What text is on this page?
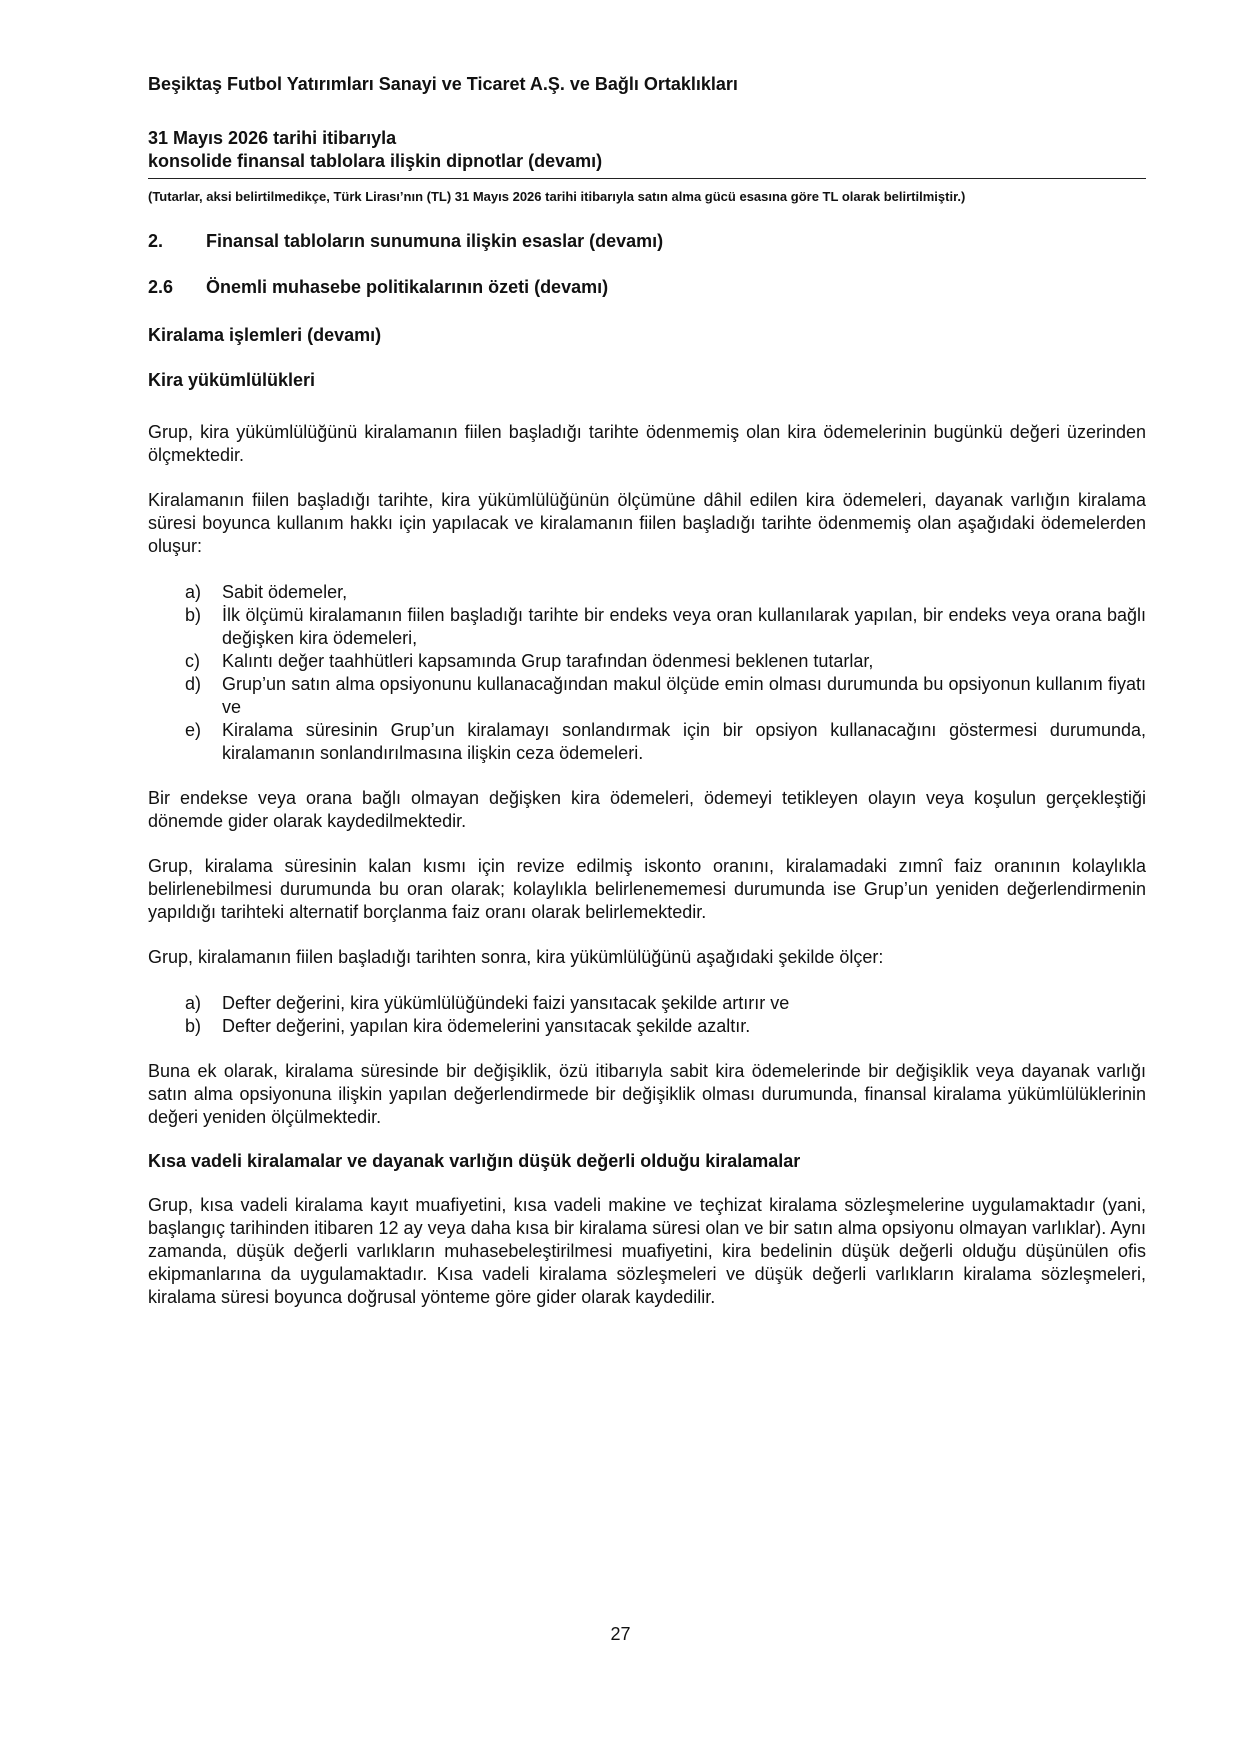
Beşiktaş Futbol Yatırımları Sanayi ve Ticaret A.Ş. ve Bağlı Ortaklıkları
31 Mayıs 2026 tarihi itibarıyla
konsolide finansal tablolara ilişkin dipnotlar (devamı)
(Tutarlar, aksi belirtilmedikçe, Türk Lirası’nın (TL) 31 Mayıs 2026 tarihi itibarıyla satın alma gücü esasına göre TL olarak belirtilmiştir.)
2.	Finansal tabloların sunumuna ilişkin esaslar (devamı)
2.6	Önemli muhasebe politikalarının özeti (devamı)
Kiralama işlemleri (devamı)
Kira yükümlülükleri

Grup, kira yükümlülüğünü kiralamanın fiilen başladığı tarihte ödenmemiş olan kira ödemelerinin bugünkü değeri üzerinden ölçmektedir.

Kiralamanın fiilen başladığı tarihte, kira yükümlülüğünün ölçümüne dâhil edilen kira ödemeleri, dayanak varlığın kiralama süresi boyunca kullanım hakkı için yapılacak ve kiralamanın fiilen başladığı tarihte ödenmemiş olan aşağıdaki ödemelerden oluşur:

a)	Sabit ödemeler,
b)	İlk ölçümü kiralamanın fiilen başladığı tarihte bir endeks veya oran kullanılarak yapılan, bir endeks veya orana bağlı değişken kira ödemeleri,
c)	Kalıntı değer taahhütleri kapsamında Grup tarafından ödenmesi beklenen tutarlar,
d)	Grup’un satın alma opsiyonunu kullanacağından makul ölçüde emin olması durumunda bu opsiyonun kullanım fiyatı ve
e)	Kiralama süresinin Grup’un kiralamayı sonlandırmak için bir opsiyon kullanacağını göstermesi durumunda, kiralamanın sonlandırılmasına ilişkin ceza ödemeleri.

Bir endekse veya orana bağlı olmayan değişken kira ödemeleri, ödemeyi tetikleyen olayın veya koşulun gerçekleştiği dönemde gider olarak kaydedilmektedir.

Grup, kiralama süresinin kalan kısmı için revize edilmiş iskonto oranını, kiralamadaki zımnî faiz oranının kolaylıkla belirlenebilmesi durumunda bu oran olarak; kolaylıkla belirlenememesi durumunda ise Grup’un yeniden değerlendirmenin yapıldığı tarihteki alternatif borçlanma faiz oranı olarak belirlemektedir.

Grup, kiralamanın fiilen başladığı tarihten sonra, kira yükümlülüğünü aşağıdaki şekilde ölçer:

a)	Defter değerini, kira yükümlülüğündeki faizi yansıtacak şekilde artırır ve
b)	Defter değerini, yapılan kira ödemelerini yansıtacak şekilde azaltır.

Buna ek olarak, kiralama süresinde bir değişiklik, özü itibarıyla sabit kira ödemelerinde bir değişiklik veya dayanak varlığı satın alma opsiyonuna ilişkin yapılan değerlendirmede bir değişiklik olması durumunda, finansal kiralama yükümlülüklerinin değeri yeniden ölçülmektedir.

Kısa vadeli kiralamalar ve dayanak varlığın düşük değerli olduğu kiralamalar

Grup, kısa vadeli kiralama kayıt muafiyetini, kısa vadeli makine ve teçhizat kiralama sözleşmelerine uygulamaktadır (yani, başlangıç tarihinden itibaren 12 ay veya daha kısa bir kiralama süresi olan ve bir satın alma opsiyonu olmayan varlıklar). Aynı zamanda, düşük değerli varlıkların muhasebeleştirilmesi muafiyetini, kira bedelinin düşük değerli olduğu düşünülen ofis ekipmanlarına da uygulamaktadır. Kısa vadeli kiralama sözleşmeleri ve düşük değerli varlıkların kiralama sözleşmeleri, kiralama süresi boyunca doğrusal yönteme göre gider olarak kaydedilir.

27
